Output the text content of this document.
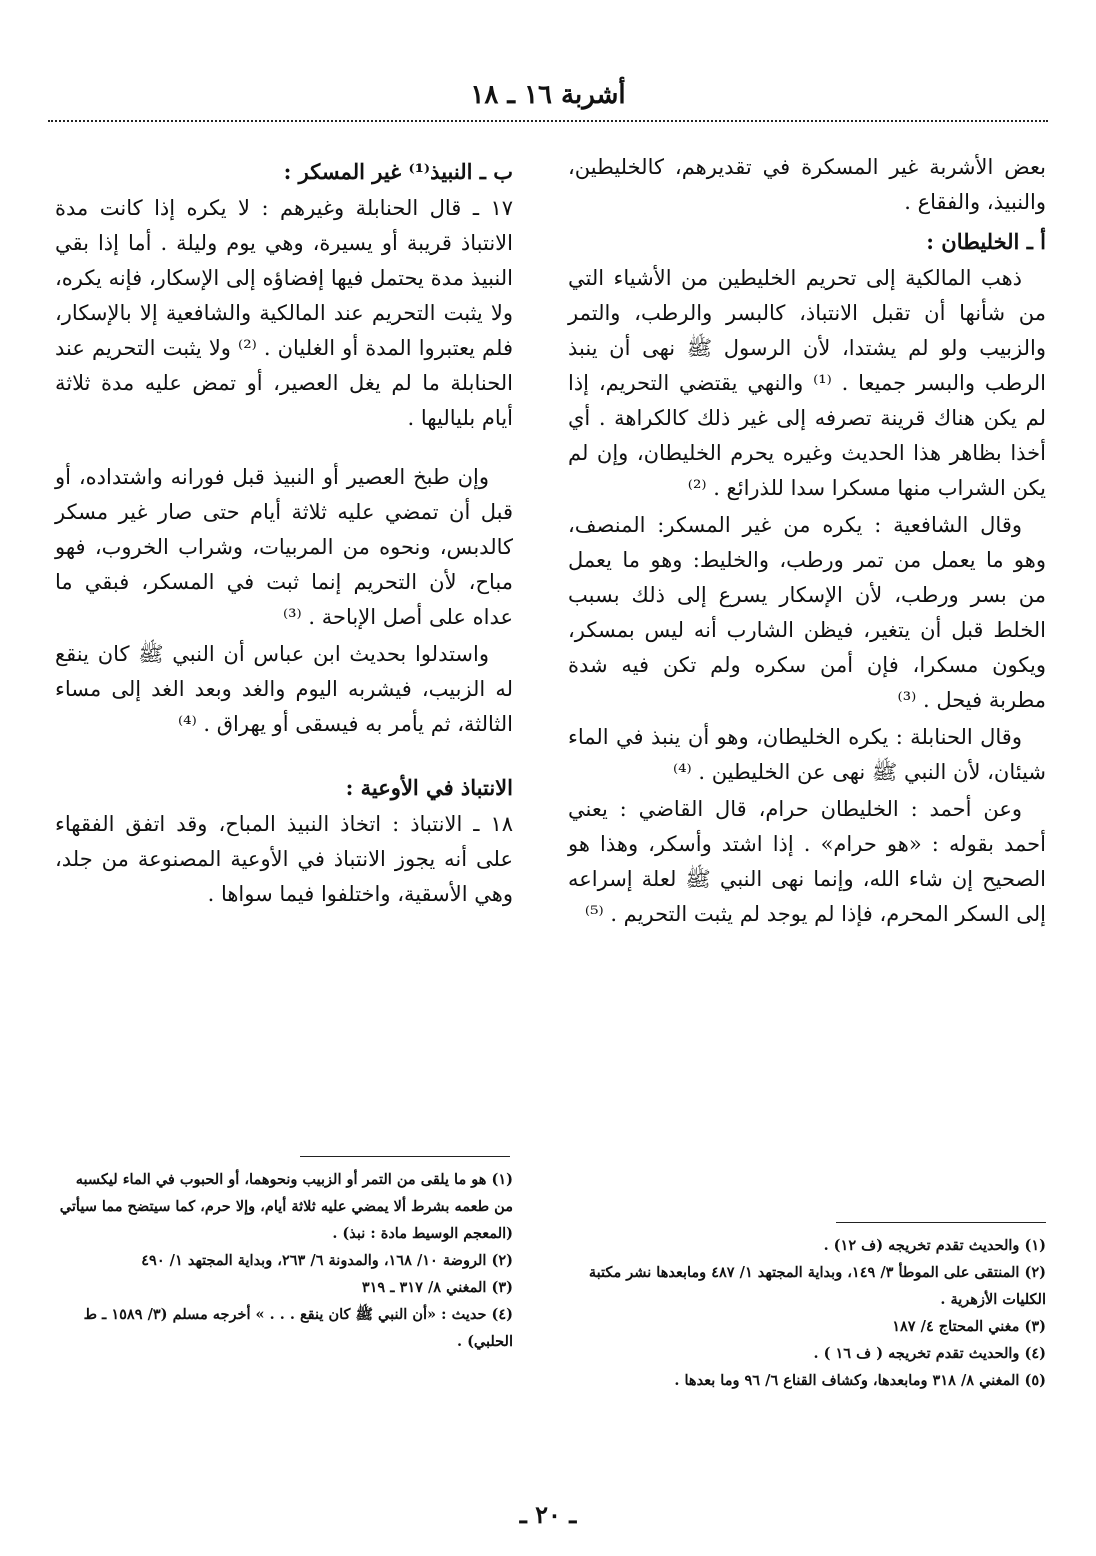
أشربة ١٦ ـ ١٨

بعض الأشربة غير المسكرة في تقديرهم، كالخليطين، والنبيذ، والفقاع .

أ ـ الخليطان :

ذهب المالكية إلى تحريم الخليطين من الأشياء التي من شأنها أن تقبل الانتباذ، كالبسر والرطب، والتمر والزبيب ولو لم يشتدا، لأن الرسول ﷺ نهى أن ينبذ الرطب والبسر جميعا . ⁽¹⁾ والنهي يقتضي التحريم، إذا لم يكن هناك قرينة تصرفه إلى غير ذلك كالكراهة . أي أخذا بظاهر هذا الحديث وغيره يحرم الخليطان، وإن لم يكن الشراب منها مسكرا سدا للذرائع . ⁽²⁾

وقال الشافعية : يكره من غير المسكر: المنصف، وهو ما يعمل من تمر ورطب، والخليط: وهو ما يعمل من بسر ورطب، لأن الإسكار يسرع إلى ذلك بسبب الخلط قبل أن يتغير، فيظن الشارب أنه ليس بمسكر، ويكون مسكرا، فإن أمن سكره ولم تكن فيه شدة مطربة فيحل . ⁽³⁾

وقال الحنابلة : يكره الخليطان، وهو أن ينبذ في الماء شيئان، لأن النبي ﷺ نهى عن الخليطين . ⁽⁴⁾

وعن أحمد : الخليطان حرام، قال القاضي : يعني أحمد بقوله : «هو حرام» . إذا اشتد وأسكر، وهذا هو الصحيح إن شاء الله، وإنما نهى النبي ﷺ لعلة إسراعه إلى السكر المحرم، فإذا لم يوجد لم يثبت التحريم . ⁽⁵⁾

ب ـ النبيذ⁽¹⁾ غير المسكر :

١٧ ـ قال الحنابلة وغيرهم : لا يكره إذا كانت مدة الانتباذ قريبة أو يسيرة، وهي يوم وليلة . أما إذا بقي النبيذ مدة يحتمل فيها إفضاؤه إلى الإسكار، فإنه يكره، ولا يثبت التحريم عند المالكية والشافعية إلا بالإسكار، فلم يعتبروا المدة أو الغليان . ⁽²⁾ ولا يثبت التحريم عند الحنابلة ما لم يغل العصير، أو تمض عليه مدة ثلاثة أيام بلياليها .

وإن طبخ العصير أو النبيذ قبل فورانه واشتداده، أو قبل أن تمضي عليه ثلاثة أيام حتى صار غير مسكر كالدبس، ونحوه من المربيات، وشراب الخروب، فهو مباح، لأن التحريم إنما ثبت في المسكر، فبقي ما عداه على أصل الإباحة . ⁽³⁾

واستدلوا بحديث ابن عباس أن النبي ﷺ كان ينقع له الزبيب، فيشربه اليوم والغد وبعد الغد إلى مساء الثالثة، ثم يأمر به فيسقى أو يهراق . ⁽⁴⁾

الانتباذ في الأوعية :

١٨ ـ الانتباذ : اتخاذ النبيذ المباح، وقد اتفق الفقهاء على أنه يجوز الانتباذ في الأوعية المصنوعة من جلد، وهي الأسقية، واختلفوا فيما سواها .

(١) والحديث تقدم تخريجه (ف ١٢) .
(٢) المنتقى على الموطأ ٣/ ١٤٩، وبداية المجتهد ١/ ٤٨٧ ومابعدها نشر مكتبة الكليات الأزهرية .
(٣) مغني المحتاج ٤/ ١٨٧
(٤) والحديث تقدم تخريجه ( ف ١٦ ) .
(٥) المغني ٨/ ٣١٨ ومابعدها، وكشاف القناع ٦/ ٩٦ وما بعدها .
(١) هو ما يلقى من التمر أو الزبيب ونحوهما، أو الحبوب في الماء ليكسبه من طعمه بشرط ألا يمضي عليه ثلاثة أيام، وإلا حرم، كما سيتضح مما سيأتي (المعجم الوسيط مادة : نبذ) .
(٢) الروضة ١٠/ ١٦٨، والمدونة ٦/ ٢٦٣، وبداية المجتهد ١/ ٤٩٠
(٣) المغني ٨/ ٣١٧ ـ ٣١٩
(٤) حديث : «أن النبي ﷺ كان ينقع . . . » أخرجه مسلم (٣/ ١٥٨٩ ـ ط الحلبي) .
ـ ٢٠ ـ
